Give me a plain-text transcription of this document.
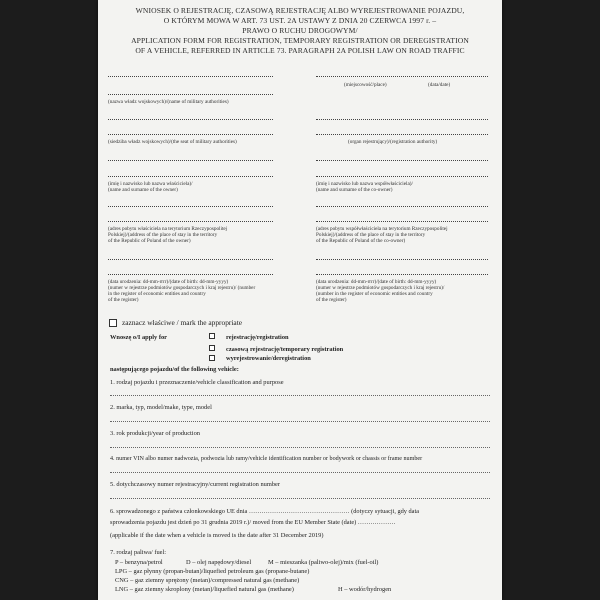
WNIOSEK O REJESTRACJĘ, CZASOWĄ REJESTRACJĘ ALBO WYREJESTROWANIE POJAZDU,
O KTÓRYM MOWA W ART. 73 UST. 2A USTAWY Z DNIA 20 CZERWCA 1997 r. –
PRAWO O RUCHU DROGOWYM/
APPLICATION FORM FOR REGISTRATION, TEMPORARY REGISTRATION OR DEREGISTRATION
OF A VEHICLE, REFERRED IN ARTICLE 73. PARAGRAPH 2A POLISH LAW ON ROAD TRAFFIC
(miejscowość/place)	(data/date)
(nazwa władz wojskowych)/(name of military authorities)
(siedziba władz wojskowych)/(the seat of military authorities)	(organ rejestrujący)/(registration authority)
(imię i nazwisko lub nazwa właściciela)/
(name and surname of the owner)
(imię i nazwisko lub nazwa współwłaściciela)/
(name and surname of the co-owner)
(adres pobytu właściciela na terytorium Rzeczypospolitej
Polskiej)/(address of the place of stay in the territory
of the Republic of Poland of the owner)
(adres pobytu współwłaściciela na terytorium Rzeczypospolitej
Polskiej)/(address of the place of stay in the territory
of the Republic of Poland of the co-owner)
(data urodzenia: dd-mm-rrrr)/(date of birth: dd-mm-yyyy)
(numer w rejestrze podmiotów gospodarczych i kraj rejestru)/ (number
in the register of economic entities and country
of the register)
(data urodzenia: dd-mm-rrrr)/(date of birth: dd-mm-yyyy)
(numer w rejestrze podmiotów gospodarczych i kraj rejestru)/
(number in the register of economic entities and country
of the register)
zaznacz właściwe / mark the appropriate
Wnoszę o/I apply for	rejestrację/registration
czasową rejestrację/temporary registration
wyrejestrowanie/deregistration
następującego pojazdu/of the following vehicle:
1. rodzaj pojazdu i przeznaczenie/vehicle classification and purpose
2. marka, typ, model/make, type, model
3. rok produkcji/year of production
4. numer VIN albo numer nadwozia, podwozia lub ramy/vehicle identification number or bodywork or chassis or frame number
5. dotychczasowy numer rejestracyjny/current registration number
6. sprowadzonego z państwa członkowskiego UE dnia ………………………………………… (dotyczy sytuacji, gdy data
sprowadzenia pojazdu jest dzień po 31 grudnia 2019 r.)/ moved from the EU Member State (date) ………………
(applicable if the date when a vehicle is moved is the date after 31 December 2019)
7. rodzaj paliwa/ fuel:
P – benzyna/petrol	D – olej napędowy/diesel	M – mieszanka (paliwo-olej)/mix (fuel-oil)
LPG – gaz płynny (propan-butan)/liquefied petroleum gas (propane-butane)
CNG – gaz ziemny sprężony (metan)/compressed natural gas (methane)
LNG – gaz ziemny skroplony (metan)/liquefied natural gas (methane)	H – wodór/hydrogen
